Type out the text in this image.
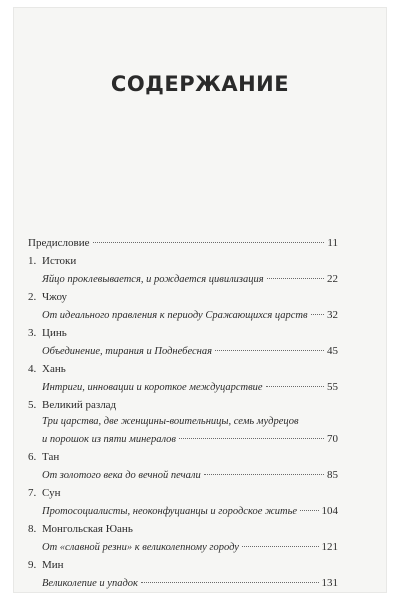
СОДЕРЖАНИЕ
Предисловие	11
1. Истоки
Яйцо проклевывается, и рождается цивилизация	22
2. Чжоу
От идеального правления к периоду Сражающихся царств 32
3. Цинь
Объединение, тирания и Поднебесная	45
4. Хань
Интриги, инновации и короткое междуцарствие	55
5. Великий разлад
Три царства, две женщины-воительницы, семь мудрецов
и порошок из пяти минералов	70
6. Тан
От золотого века до вечной печали	85
7. Сун
Протосоциалисты, неоконфуцианцы и городское житье 104
8. Монгольская Юань
От «славной резни» к великолепному городу	121
9. Мин
Великолепие и упадок	131
